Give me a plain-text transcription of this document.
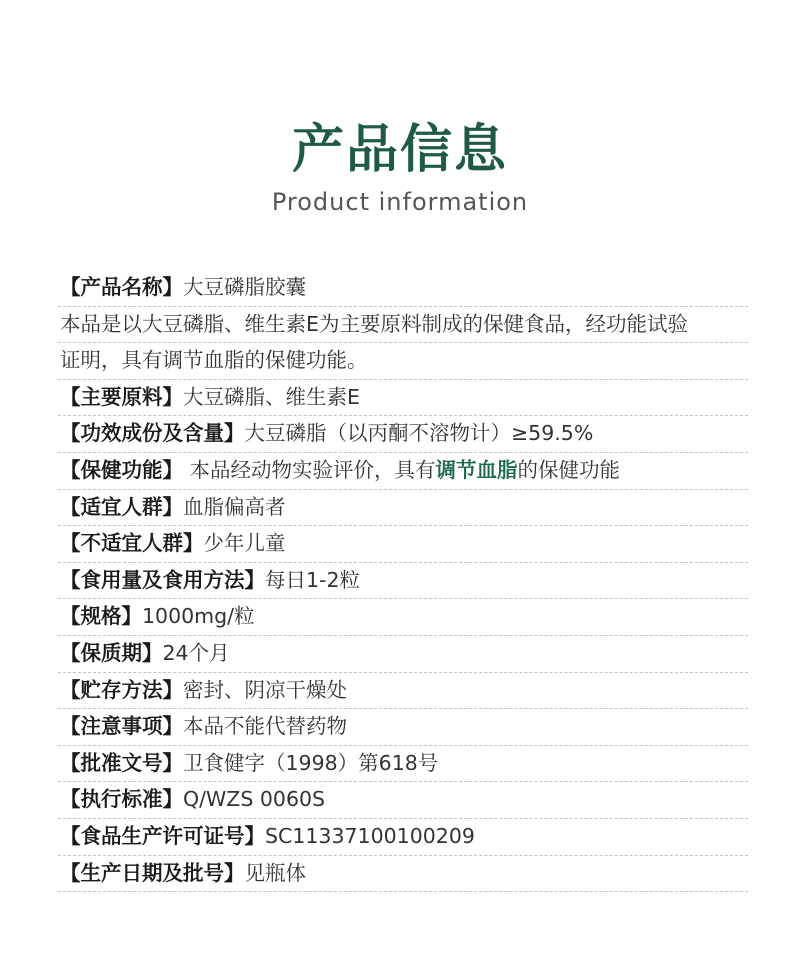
产品信息
Product information
【产品名称】大豆磷脂胶囊
本品是以大豆磷脂、维生素E为主要原料制成的保健食品，经功能试验
证明，具有调节血脂的保健功能。
【主要原料】大豆磷脂、维生素E
【功效成份及含量】大豆磷脂（以丙酮不溶物计）≥59.5%
【保健功能】 本品经动物实验评价，具有调节血脂的保健功能
【适宜人群】血脂偏高者
【不适宜人群】少年儿童
【食用量及食用方法】每日1-2粒
【规格】1000mg/粒
【保质期】24个月
【贮存方法】密封、阴凉干燥处
【注意事项】本品不能代替药物
【批准文号】卫食健字（1998）第618号
【执行标准】Q/WZS 0060S
【食品生产许可证号】SC11337100100209
【生产日期及批号】见瓶体
